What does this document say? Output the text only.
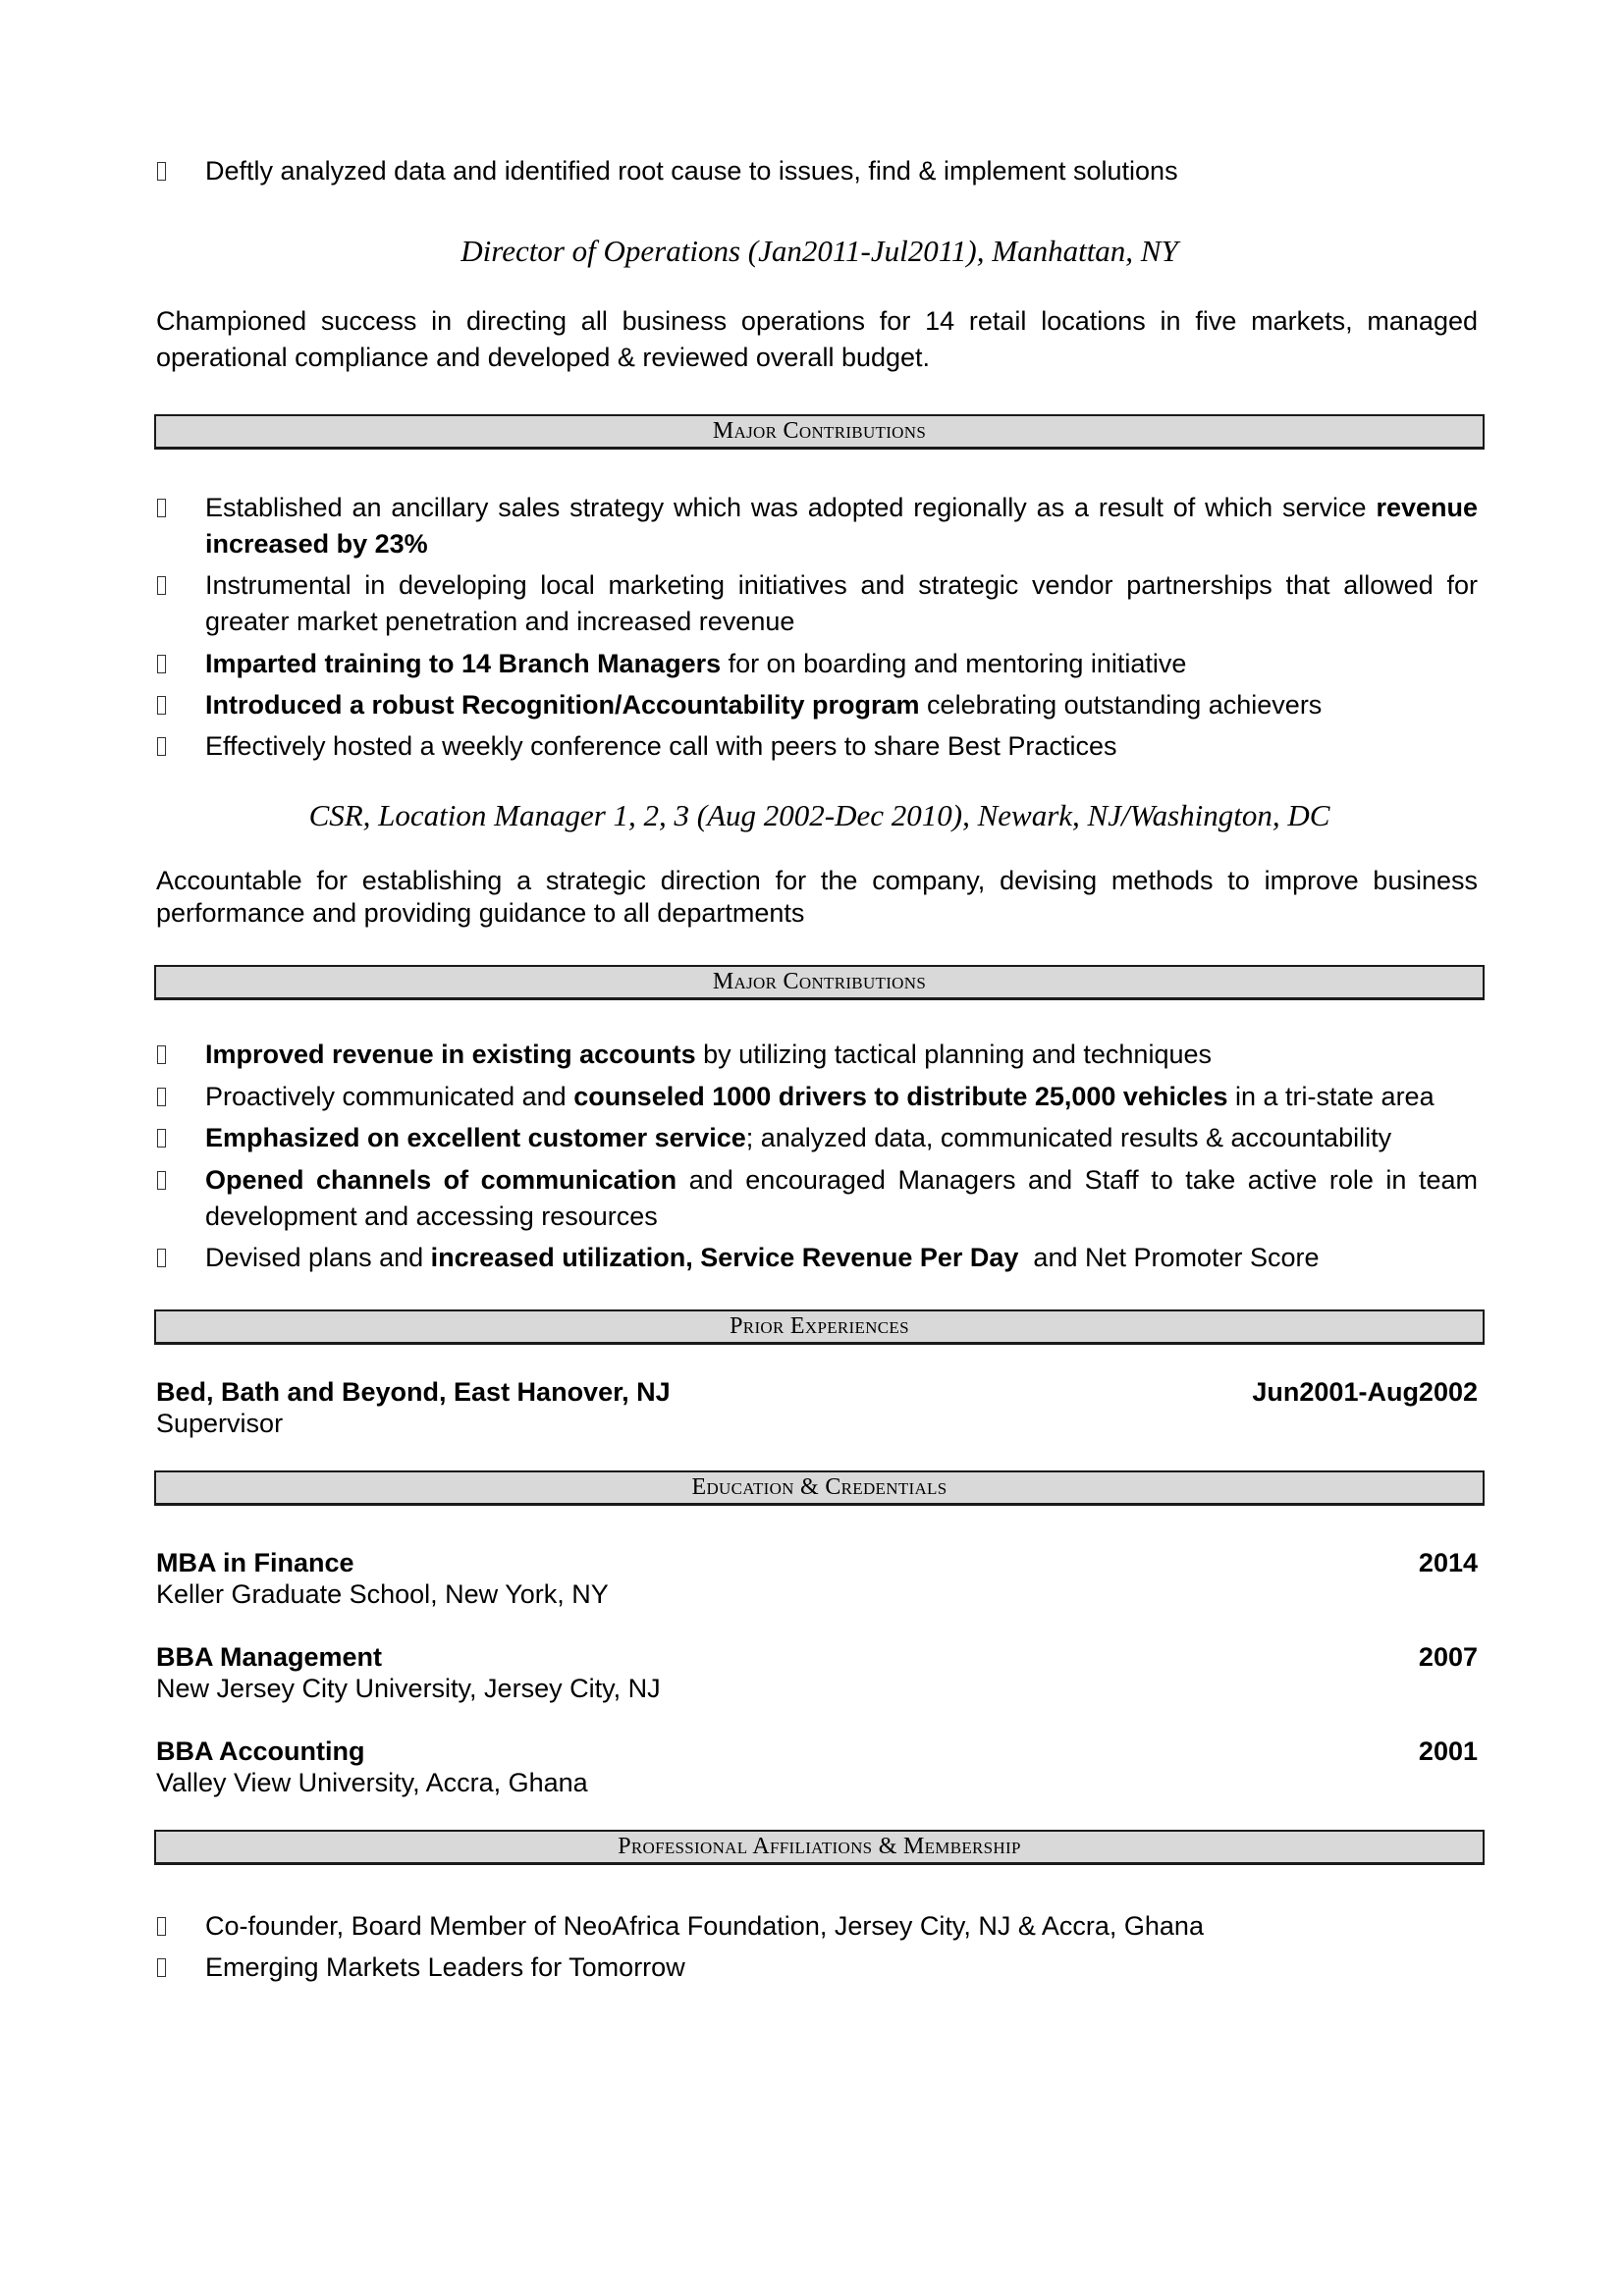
Deftly analyzed data and identified root cause to issues, find & implement solutions
Director of Operations (Jan2011-Jul2011), Manhattan, NY
Championed success in directing all business operations for 14 retail locations in five markets, managed operational compliance and developed & reviewed overall budget.
Major Contributions
Established an ancillary sales strategy which was adopted regionally as a result of which service revenue increased by 23%
Instrumental in developing local marketing initiatives and strategic vendor partnerships that allowed for greater market penetration and increased revenue
Imparted training to 14 Branch Managers for on boarding and mentoring initiative
Introduced a robust Recognition/Accountability program celebrating outstanding achievers
Effectively hosted a weekly conference call with peers to share Best Practices
CSR, Location Manager 1, 2, 3 (Aug 2002-Dec 2010), Newark, NJ/Washington, DC
Accountable for establishing a strategic direction for the company, devising methods to improve business performance and providing guidance to all departments
Major Contributions
Improved revenue in existing accounts by utilizing tactical planning and techniques
Proactively communicated and counseled 1000 drivers to distribute 25,000 vehicles in a tri-state area
Emphasized on excellent customer service; analyzed data, communicated results & accountability
Opened channels of communication and encouraged Managers and Staff to take active role in team development and accessing resources
Devised plans and increased utilization, Service Revenue Per Day  and Net Promoter Score
Prior Experiences
Bed, Bath and Beyond, East Hanover, NJ	Jun2001-Aug2002
Supervisor
Education & Credentials
MBA in Finance	2014
Keller Graduate School, New York, NY
BBA Management	2007
New Jersey City University, Jersey City, NJ
BBA Accounting	2001
Valley View University, Accra, Ghana
Professional Affiliations & Membership
Co-founder, Board Member of NeoAfrica Foundation, Jersey City, NJ & Accra, Ghana
Emerging Markets Leaders for Tomorrow
